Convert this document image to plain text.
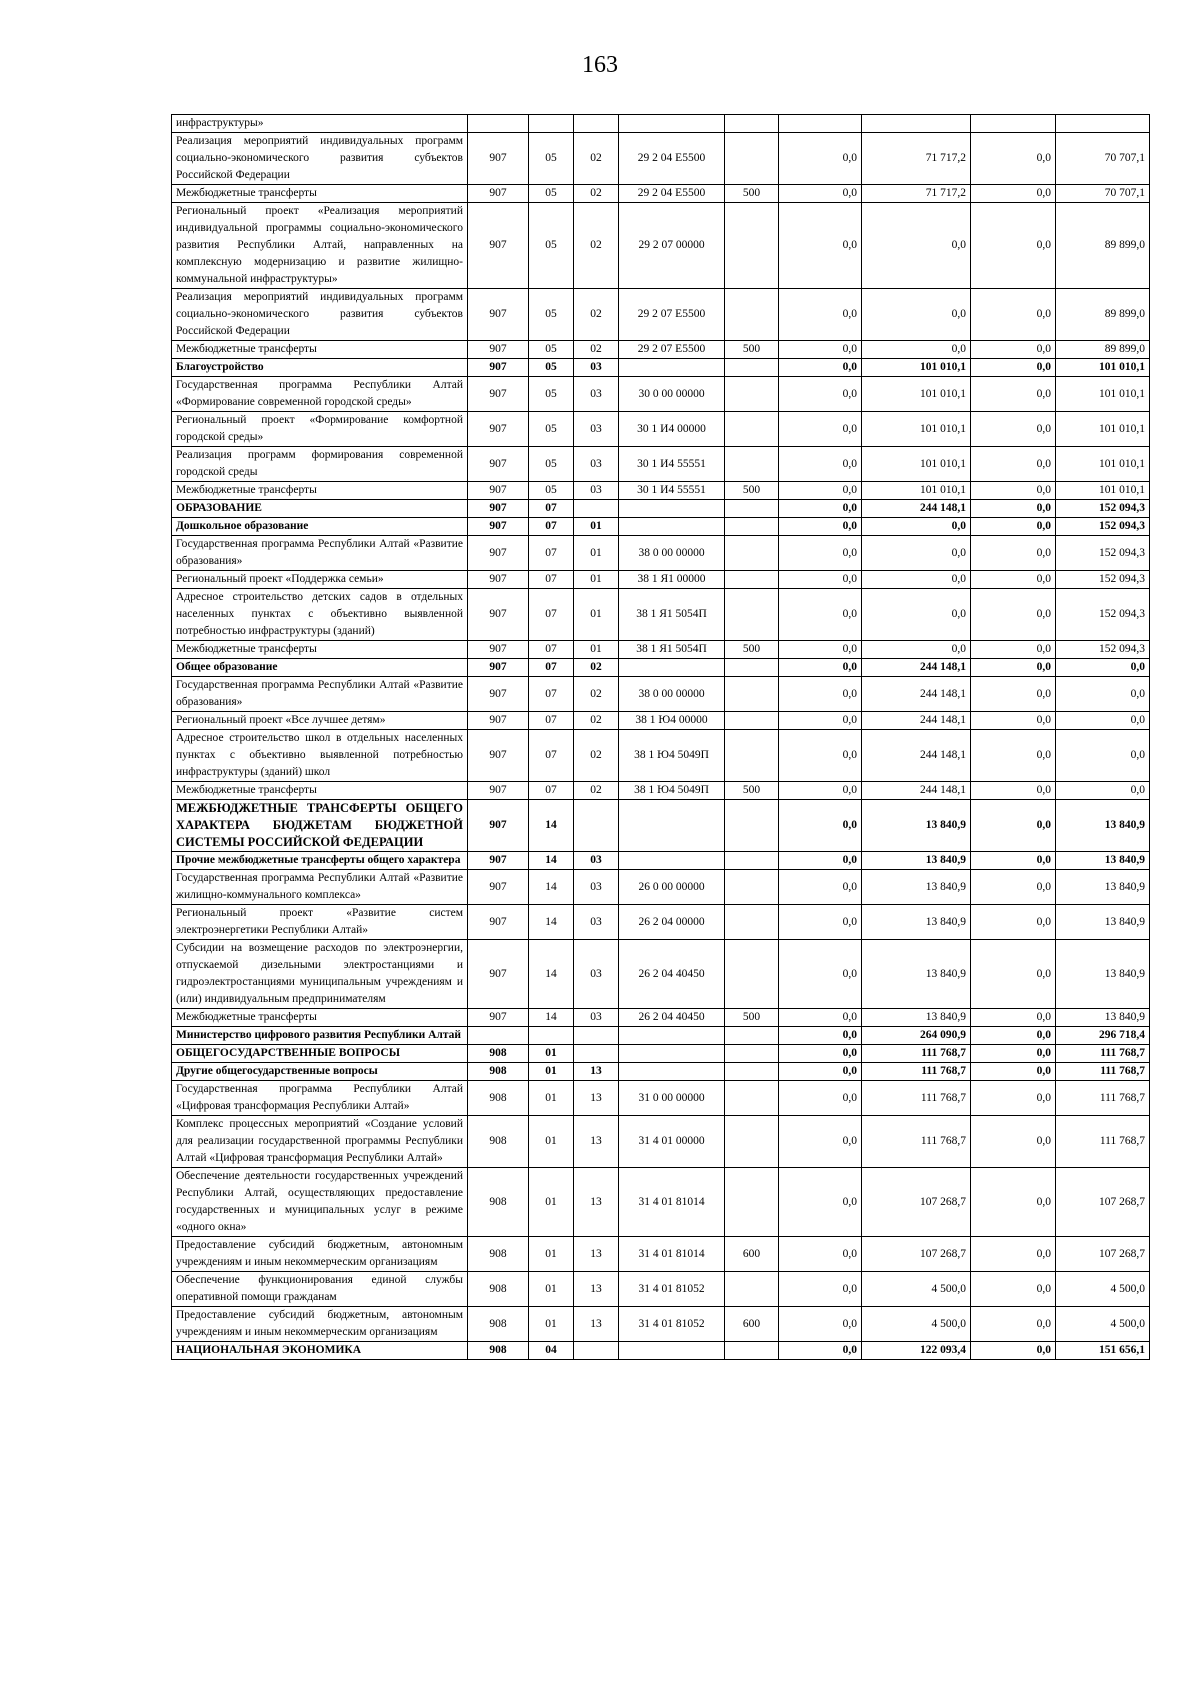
163
инфраструктуры»									
Реализация мероприятий индивидуальных программ социально-экономического развития субъектов Российской Федерации	907	05	02	29 2 04 Е5500		0,0	71 717,2	0,0	70 707,1
Межбюджетные трансферты	907	05	02	29 2 04 Е5500	500	0,0	71 717,2	0,0	70 707,1
Региональный проект «Реализация мероприятий индивидуальной программы социально-экономического развития Республики Алтай, направленных на комплексную модернизацию и развитие жилищно-коммунальной инфраструктуры»	907	05	02	29 2 07 00000		0,0	0,0	0,0	89 899,0
Реализация мероприятий индивидуальных программ социально-экономического развития субъектов Российской Федерации	907	05	02	29 2 07 Е5500		0,0	0,0	0,0	89 899,0
Межбюджетные трансферты	907	05	02	29 2 07 Е5500	500	0,0	0,0	0,0	89 899,0
Благоустройство	907	05	03			0,0	101 010,1	0,0	101 010,1
Государственная программа Республики Алтай «Формирование современной городской среды»	907	05	03	30 0 00 00000		0,0	101 010,1	0,0	101 010,1
Региональный проект «Формирование комфортной городской среды»	907	05	03	30 1 И4 00000		0,0	101 010,1	0,0	101 010,1
Реализация программ формирования современной городской среды	907	05	03	30 1 И4 55551		0,0	101 010,1	0,0	101 010,1
Межбюджетные трансферты	907	05	03	30 1 И4 55551	500	0,0	101 010,1	0,0	101 010,1
ОБРАЗОВАНИЕ	907	07				0,0	244 148,1	0,0	152 094,3
Дошкольное образование	907	07	01			0,0	0,0	0,0	152 094,3
Государственная программа Республики Алтай «Развитие образования»	907	07	01	38 0 00 00000		0,0	0,0	0,0	152 094,3
Региональный проект «Поддержка семьи»	907	07	01	38 1 Я1 00000		0,0	0,0	0,0	152 094,3
Адресное строительство детских садов в отдельных населенных пунктах с объективно выявленной потребностью инфраструктуры (зданий)	907	07	01	38 1 Я1 5054П		0,0	0,0	0,0	152 094,3
Межбюджетные трансферты	907	07	01	38 1 Я1 5054П	500	0,0	0,0	0,0	152 094,3
Общее образование	907	07	02			0,0	244 148,1	0,0	0,0
Государственная программа Республики Алтай «Развитие образования»	907	07	02	38 0 00 00000		0,0	244 148,1	0,0	0,0
Региональный проект «Все лучшее детям»	907	07	02	38 1 Ю4 00000		0,0	244 148,1	0,0	0,0
Адресное строительство школ в отдельных населенных пунктах с объективно выявленной потребностью инфраструктуры (зданий) школ	907	07	02	38 1 Ю4 5049П		0,0	244 148,1	0,0	0,0
Межбюджетные трансферты	907	07	02	38 1 Ю4 5049П	500	0,0	244 148,1	0,0	0,0
МЕЖБЮДЖЕТНЫЕ ТРАНСФЕРТЫ ОБЩЕГО ХАРАКТЕРА БЮДЖЕТАМ БЮДЖЕТНОЙ СИСТЕМЫ РОССИЙСКОЙ ФЕДЕРАЦИИ	907	14				0,0	13 840,9	0,0	13 840,9
Прочие межбюджетные трансферты общего характера	907	14	03			0,0	13 840,9	0,0	13 840,9
Государственная программа Республики Алтай «Развитие жилищно-коммунального комплекса»	907	14	03	26 0 00 00000		0,0	13 840,9	0,0	13 840,9
Региональный проект «Развитие систем электроэнергетики Республики Алтай»	907	14	03	26 2 04 00000		0,0	13 840,9	0,0	13 840,9
Субсидии на возмещение расходов по электроэнергии, отпускаемой дизельными электростанциями и гидроэлектростанциями муниципальным учреждениям и (или) индивидуальным предпринимателям	907	14	03	26 2 04 40450		0,0	13 840,9	0,0	13 840,9
Межбюджетные трансферты	907	14	03	26 2 04 40450	500	0,0	13 840,9	0,0	13 840,9
Министерство цифрового развития Республики Алтай						0,0	264 090,9	0,0	296 718,4
ОБЩЕГОСУДАРСТВЕННЫЕ ВОПРОСЫ	908	01				0,0	111 768,7	0,0	111 768,7
Другие общегосударственные вопросы	908	01	13			0,0	111 768,7	0,0	111 768,7
Государственная программа Республики Алтай «Цифровая трансформация Республики Алтай»	908	01	13	31 0 00 00000		0,0	111 768,7	0,0	111 768,7
Комплекс процессных мероприятий «Создание условий для реализации государственной программы Республики Алтай «Цифровая трансформация Республики Алтай»	908	01	13	31 4 01 00000		0,0	111 768,7	0,0	111 768,7
Обеспечение деятельности государственных учреждений Республики Алтай, осуществляющих предоставление государственных и муниципальных услуг в режиме «одного окна»	908	01	13	31 4 01 81014		0,0	107 268,7	0,0	107 268,7
Предоставление субсидий бюджетным, автономным учреждениям и иным некоммерческим организациям	908	01	13	31 4 01 81014	600	0,0	107 268,7	0,0	107 268,7
Обеспечение функционирования единой службы оперативной помощи гражданам	908	01	13	31 4 01 81052		0,0	4 500,0	0,0	4 500,0
Предоставление субсидий бюджетным, автономным учреждениям и иным некоммерческим организациям	908	01	13	31 4 01 81052	600	0,0	4 500,0	0,0	4 500,0
НАЦИОНАЛЬНАЯ ЭКОНОМИКА	908	04				0,0	122 093,4	0,0	151 656,1
